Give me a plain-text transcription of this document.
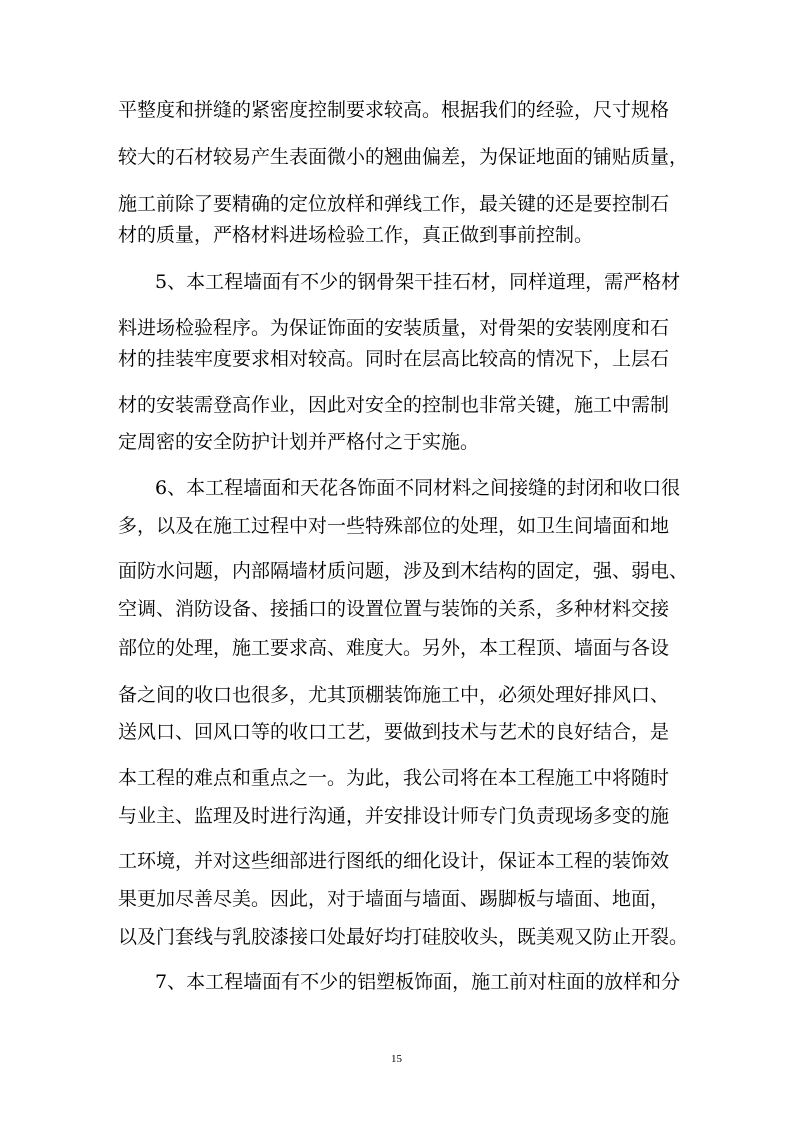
平整度和拼缝的紧密度控制要求较高。根据我们的经验，尺寸规格
较大的石材较易产生表面微小的翘曲偏差，为保证地面的铺贴质量，
施工前除了要精确的定位放样和弹线工作，最关键的还是要控制石
材的质量，严格材料进场检验工作，真正做到事前控制。
5、本工程墙面有不少的钢骨架干挂石材，同样道理，需严格材
料进场检验程序。为保证饰面的安装质量，对骨架的安装刚度和石
材的挂装牢度要求相对较高。同时在层高比较高的情况下，上层石
材的安装需登高作业，因此对安全的控制也非常关键，施工中需制
定周密的安全防护计划并严格付之于实施。
6、本工程墙面和天花各饰面不同材料之间接缝的封闭和收口很
多，以及在施工过程中对一些特殊部位的处理，如卫生间墙面和地
面防水问题，内部隔墙材质问题，涉及到木结构的固定，强、弱电、
空调、消防设备、接插口的设置位置与装饰的关系，多种材料交接
部位的处理，施工要求高、难度大。另外，本工程顶、墙面与各设
备之间的收口也很多，尤其顶棚装饰施工中，必须处理好排风口、
送风口、回风口等的收口工艺，要做到技术与艺术的良好结合，是
本工程的难点和重点之一。为此，我公司将在本工程施工中将随时
与业主、监理及时进行沟通，并安排设计师专门负责现场多变的施
工环境，并对这些细部进行图纸的细化设计，保证本工程的装饰效
果更加尽善尽美。因此，对于墙面与墙面、踢脚板与墙面、地面，
以及门套线与乳胶漆接口处最好均打硅胶收头，既美观又防止开裂。
7、本工程墙面有不少的铝塑板饰面，施工前对柱面的放样和分
15
